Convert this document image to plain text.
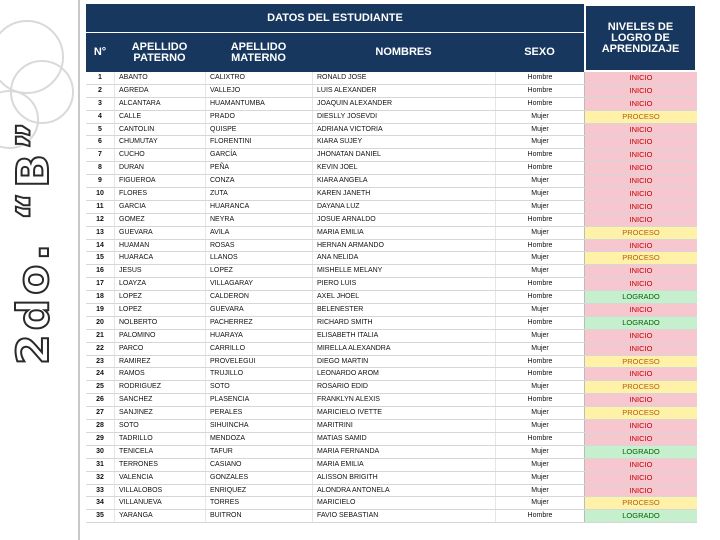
2do. “B”
DATOS DEL ESTUDIANTE
N°	APELLIDO PATERNO
APELLIDO MATERNO	NOMBRES	SEXO
NIVELES DE LOGRO DE APRENDIZAJE
1	ABANTO	CALIXTRO	RONALD JOSE	Hombre	INICIO
2	AGREDA	VALLEJO	LUIS ALEXANDER	Hombre	INICIO
3	ALCANTARA	HUAMANTUMBA	JOAQUIN ALEXANDER	Hombre	INICIO
4	CALLE	PRADO	DIESLLY JOSEVDI	Mujer	PROCESO
5	CANTOLIN	QUISPE	ADRIANA VICTORIA	Mujer	INICIO
6	CHUMUTAY	FLORENTINI	KIARA SUJEY	Mujer	INICIO
7	CUCHO	GARCÍA	JHONATAN DANIEL	Hombre	INICIO
8	DURAN	PEÑA	KEVIN JOEL	Hombre	INICIO
9	FIGUEROA	CONZA	KIARA ANGELA	Mujer	INICIO
10	FLORES	ZUTA	KAREN JANETH	Mujer	INICIO
11	GARCIA	HUARANCA	DAYANA LUZ	Mujer	INICIO
12	GOMEZ	NEYRA	JOSUE ARNALDO	Hombre	INICIO
13	GUEVARA	AVILA	MARIA EMILIA	Mujer	PROCESO
14	HUAMAN	ROSAS	HERNAN ARMANDO	Hombre	INICIO
15	HUARACA	LLANOS	ANA NELIDA	Mujer	PROCESO
16	JESUS	LOPEZ	MISHELLE MELANY	Mujer	INICIO
17	LOAYZA	VILLAGARAY	PIERO LUIS	Hombre	INICIO
18	LOPEZ	CALDERON	AXEL JHOEL	Hombre	LOGRADO
19	LOPEZ	GUEVARA	BELENESTER	Mujer	INICIO
20	NOLBERTO	PACHERREZ	RICHARD SMITH	Hombre	LOGRADO
21	PALOMINO	HUARAYA	ELISABETH ITALIA	Mujer	INICIO
22	PARCO	CARRILLO	MIRELLA ALEXANDRA	Mujer	INICIO
23	RAMIREZ	PROVELEGUI	DIEGO MARTIN	Hombre	PROCESO
24	RAMOS	TRUJILLO	LEONARDO AROM	Hombre	INICIO
25	RODRIGUEZ	SOTO	ROSARIO EDID	Mujer	PROCESO
26	SANCHEZ	PLASENCIA	FRANKLYN ALEXIS	Hombre	INICIO
27	SANJINEZ	PERALES	MARICIELO IVETTE	Mujer	PROCESO
28	SOTO	SIHUINCHA	MARITRINI	Mujer	INICIO
29	TADRILLO	MENDOZA	MATIAS SAMID	Hombre	INICIO
30	TENICELA	TAFUR	MARIA FERNANDA	Mujer	LOGRADO
31	TERRONES	CASIANO	MARIA EMILIA	Mujer	INICIO
32	VALENCIA	GONZALES	ALISSON BRIGITH	Mujer	INICIO
33	VILLALOBOS	ENRIQUEZ	ALONDRA ANTONELA	Mujer	INICIO
34	VILLANUEVA	TORRES	MARICIELO	Mujer	PROCESO
35	YARANGA	BUITRON	FAVIO SEBASTIAN	Hombre	LOGRADO
